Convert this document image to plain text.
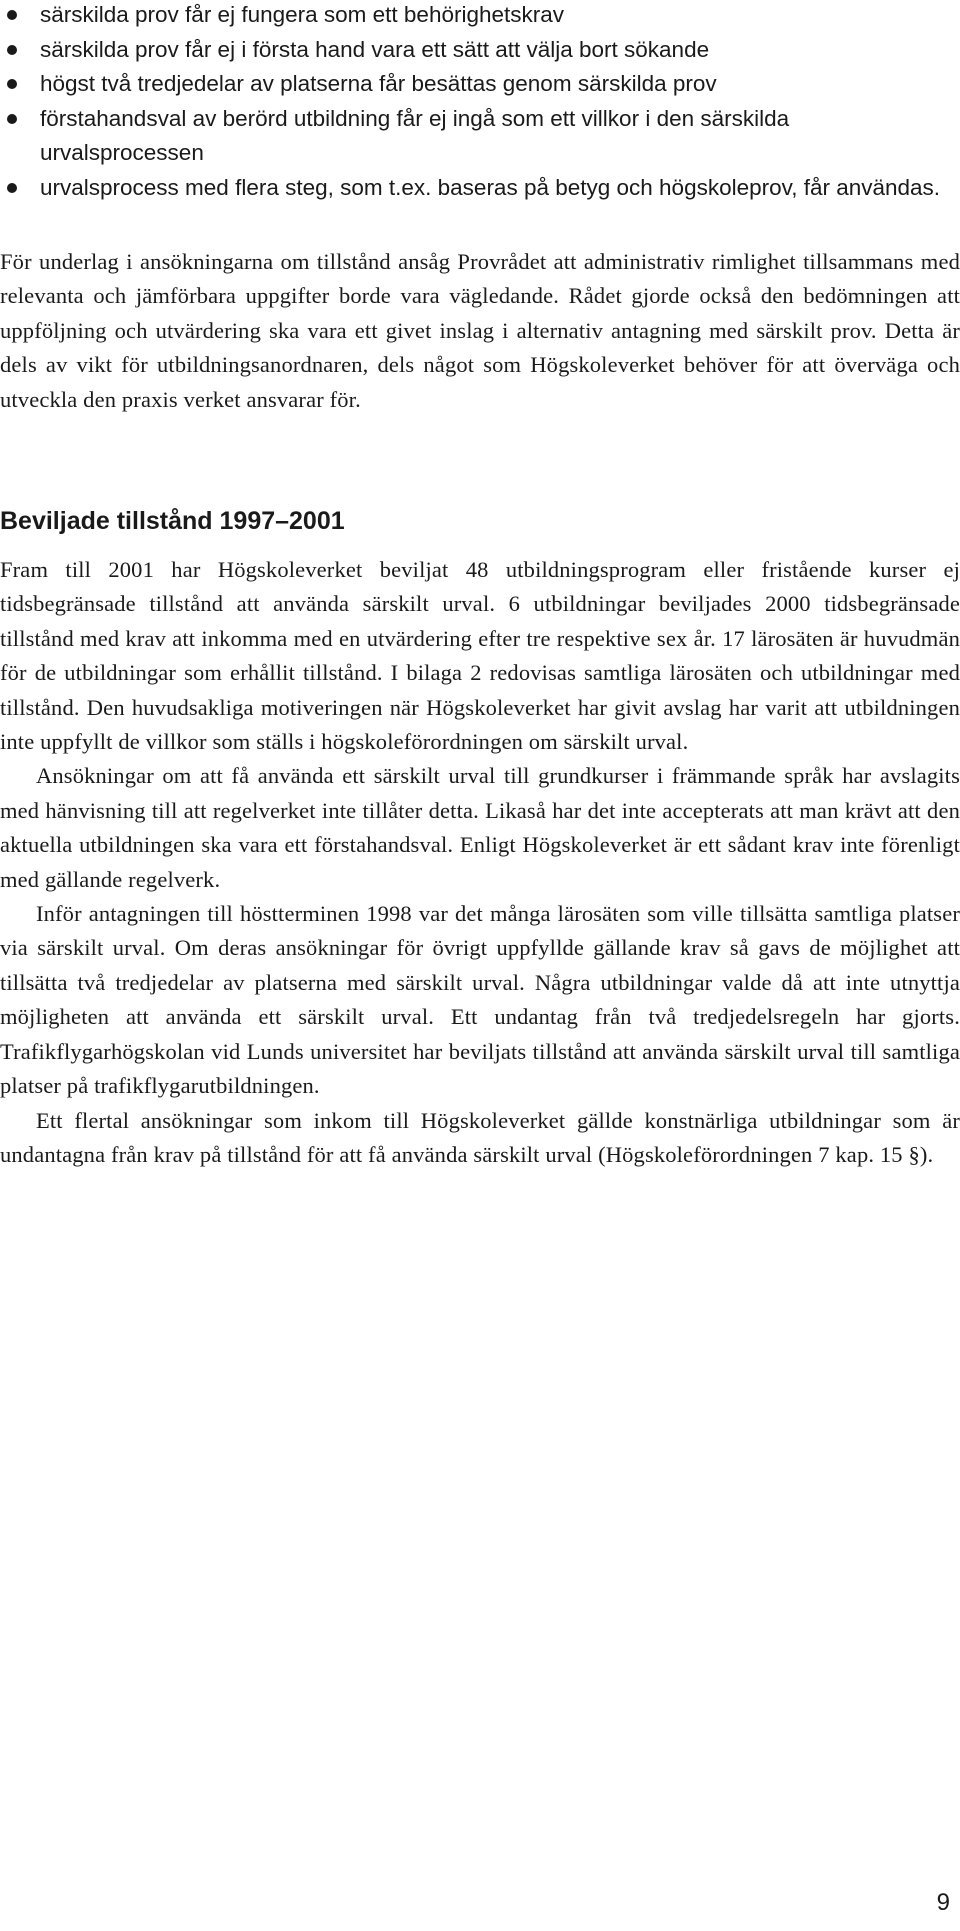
särskilda prov får ej fungera som ett behörighetskrav
särskilda prov får ej i första hand vara ett sätt att välja bort sökande
högst två tredjedelar av platserna får besättas genom särskilda prov
förstahandsval av berörd utbildning får ej ingå som ett villkor i den särskilda urvalsprocessen
urvalsprocess med flera steg, som t.ex. baseras på betyg och högskoleprov, får användas.

För underlag i ansökningarna om tillstånd ansåg Provrådet att administrativ rimlighet tillsammans med relevanta och jämförbara uppgifter borde vara vägledande. Rådet gjorde också den bedömningen att uppföljning och utvärdering ska vara ett givet inslag i alternativ antagning med särskilt prov. Detta är dels av vikt för utbildningsanordnaren, dels något som Högskoleverket behöver för att överväga och utveckla den praxis verket ansvarar för.

Beviljade tillstånd 1997–2001

Fram till 2001 har Högskoleverket beviljat 48 utbildningsprogram eller fristående kurser ej tidsbegränsade tillstånd att använda särskilt urval. 6 utbildningar beviljades 2000 tidsbegränsade tillstånd med krav att inkomma med en utvärdering efter tre respektive sex år. 17 lärosäten är huvudmän för de utbildningar som erhållit tillstånd. I bilaga 2 redovisas samtliga lärosäten och utbildningar med tillstånd. Den huvudsakliga motiveringen när Högskoleverket har givit avslag har varit att utbildningen inte uppfyllt de villkor som ställs i högskoleförordningen om särskilt urval.

Ansökningar om att få använda ett särskilt urval till grundkurser i främmande språk har avslagits med hänvisning till att regelverket inte tillåter detta. Likaså har det inte accepterats att man krävt att den aktuella utbildningen ska vara ett förstahandsval. Enligt Högskoleverket är ett sådant krav inte förenligt med gällande regelverk.

Inför antagningen till höstterminen 1998 var det många lärosäten som ville tillsätta samtliga platser via särskilt urval. Om deras ansökningar för övrigt uppfyllde gällande krav så gavs de möjlighet att tillsätta två tredjedelar av platserna med särskilt urval. Några utbildningar valde då att inte utnyttja möjligheten att använda ett särskilt urval. Ett undantag från två tredjedelsregeln har gjorts. Trafikflygarhögskolan vid Lunds universitet har beviljats tillstånd att använda särskilt urval till samtliga platser på trafikflygarutbildningen.

Ett flertal ansökningar som inkom till Högskoleverket gällde konstnärliga utbildningar som är undantagna från krav på tillstånd för att få använda särskilt urval (Högskoleförordningen 7 kap. 15 §).

9
